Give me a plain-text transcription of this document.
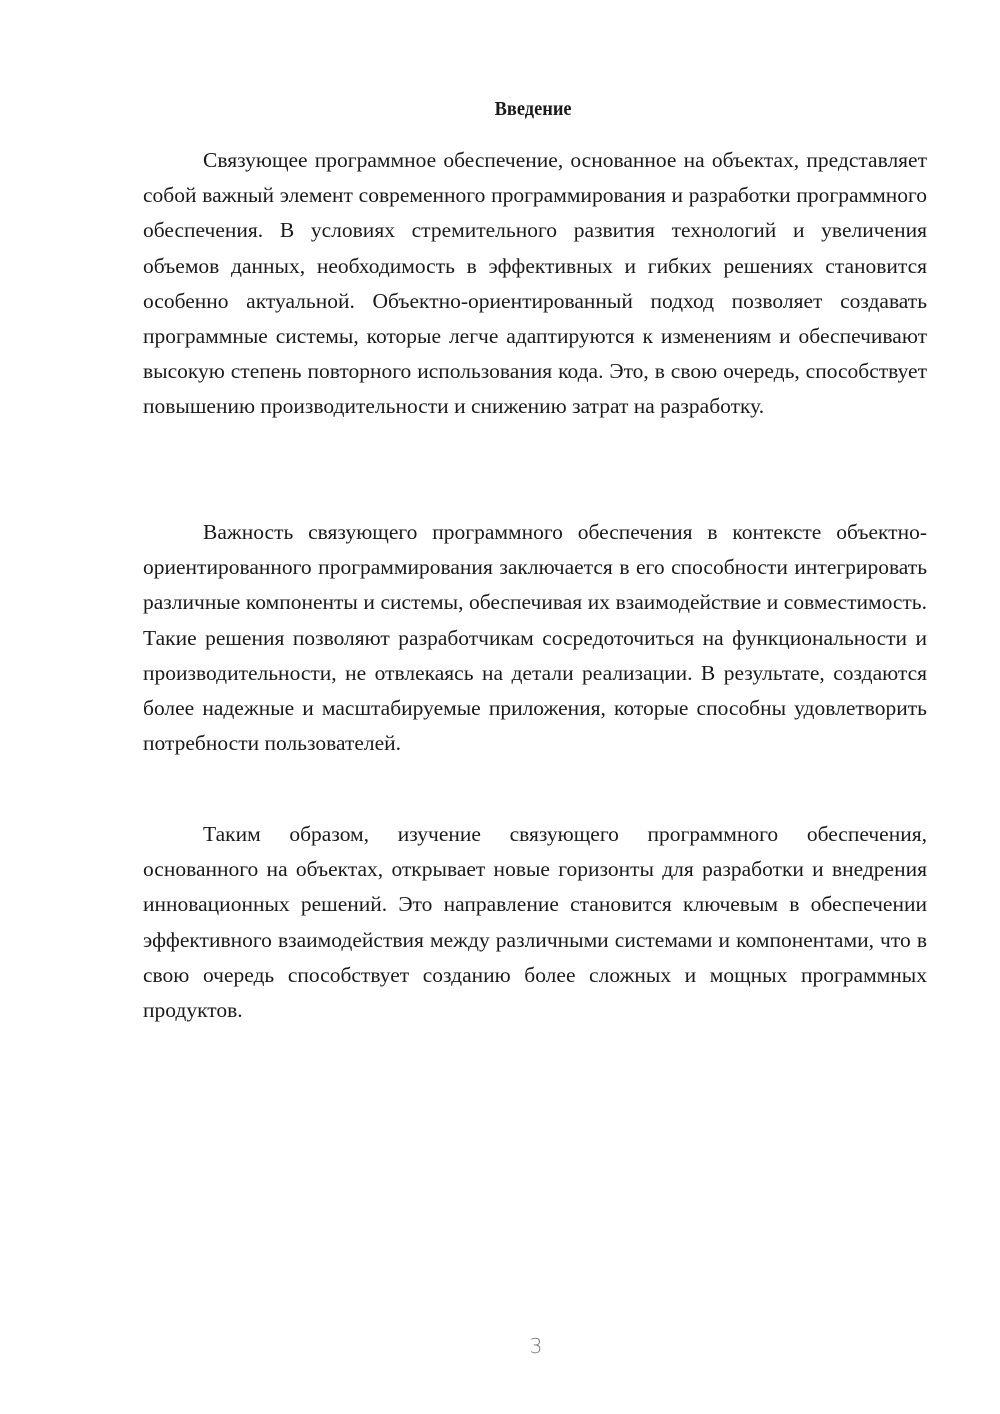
Введение

Связующее программное обеспечение, основанное на объектах, представляет собой важный элемент современного программирования и разработки программного обеспечения. В условиях стремительного развития технологий и увеличения объемов данных, необходимость в эффективных и гибких решениях становится особенно актуальной. Объектно-ориентированный подход позволяет создавать программные системы, которые легче адаптируются к изменениям и обеспечивают высокую степень повторного использования кода. Это, в свою очередь, способствует повышению производительности и снижению затрат на разработку.

Важность связующего программного обеспечения в контексте объектно-ориентированного программирования заключается в его способности интегрировать различные компоненты и системы, обеспечивая их взаимодействие и совместимость. Такие решения позволяют разработчикам сосредоточиться на функциональности и производительности, не отвлекаясь на детали реализации. В результате, создаются более надежные и масштабируемые приложения, которые способны удовлетворить потребности пользователей.

Таким образом, изучение связующего программного обеспечения, основанного на объектах, открывает новые горизонты для разработки и внедрения инновационных решений. Это направление становится ключевым в обеспечении эффективного взаимодействия между различными системами и компонентами, что в свою очередь способствует созданию более сложных и мощных программных продуктов.

3
